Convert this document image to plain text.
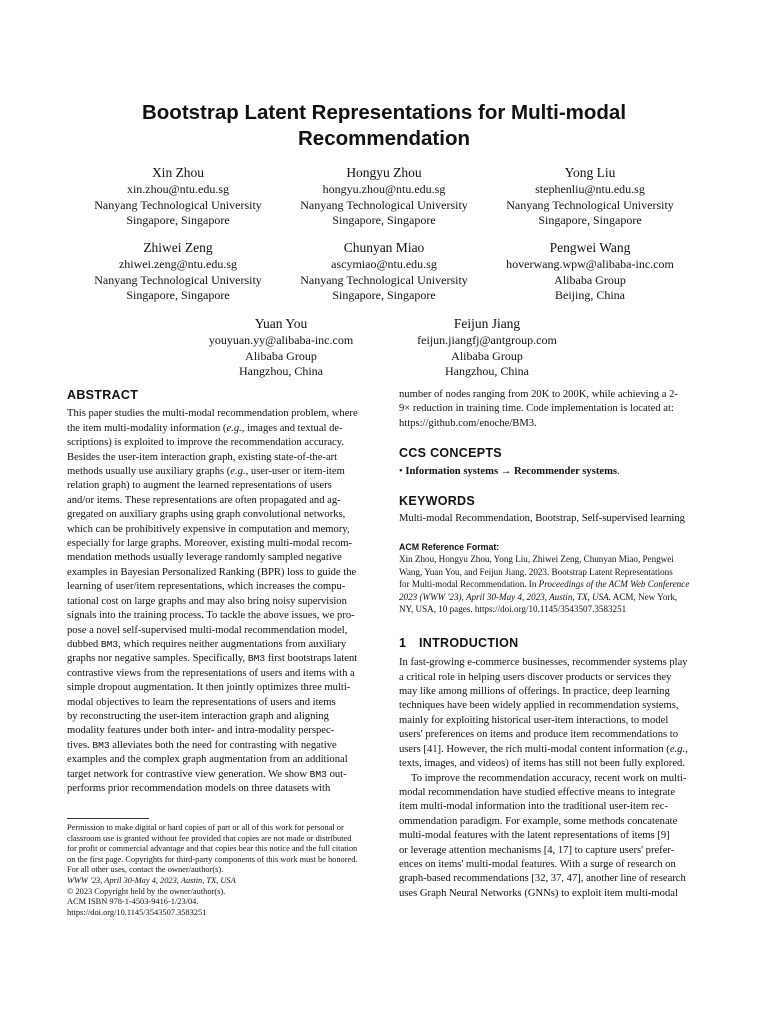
Bootstrap Latent Representations for Multi-modal
Recommendation
Xin Zhou
xin.zhou@ntu.edu.sg
Nanyang Technological University
Singapore, Singapore
Hongyu Zhou
hongyu.zhou@ntu.edu.sg
Nanyang Technological University
Singapore, Singapore
Yong Liu
stephenliu@ntu.edu.sg
Nanyang Technological University
Singapore, Singapore
Zhiwei Zeng
zhiwei.zeng@ntu.edu.sg
Nanyang Technological University
Singapore, Singapore
Chunyan Miao
ascymiao@ntu.edu.sg
Nanyang Technological University
Singapore, Singapore
Pengwei Wang
hoverwang.wpw@alibaba-inc.com
Alibaba Group
Beijing, China
Yuan You
youyuan.yy@alibaba-inc.com
Alibaba Group
Hangzhou, China
Feijun Jiang
feijun.jiangfj@antgroup.com
Alibaba Group
Hangzhou, China

ABSTRACT

This paper studies the multi-modal recommendation problem, where

the item multi-modality information (e.g., images and textual de-

scriptions) is exploited to improve the recommendation accuracy.

Besides the user-item interaction graph, existing state-of-the-art

methods usually use auxiliary graphs (e.g., user-user or item-item

relation graph) to augment the learned representations of users

and/or items. These representations are often propagated and ag-

gregated on auxiliary graphs using graph convolutional networks,

which can be prohibitively expensive in computation and memory,

especially for large graphs. Moreover, existing multi-modal recom-

mendation methods usually leverage randomly sampled negative

examples in Bayesian Personalized Ranking (BPR) loss to guide the

learning of user/item representations, which increases the compu-

tational cost on large graphs and may also bring noisy supervision

signals into the training process. To tackle the above issues, we pro-

pose a novel self-supervised multi-modal recommendation model,

dubbed BM3, which requires neither augmentations from auxiliary

graphs nor negative samples. Specifically, BM3 first bootstraps latent

contrastive views from the representations of users and items with a

simple dropout augmentation. It then jointly optimizes three multi-

modal objectives to learn the representations of users and items

by reconstructing the user-item interaction graph and aligning

modality features under both inter- and intra-modality perspec-

tives. BM3 alleviates both the need for contrasting with negative

examples and the complex graph augmentation from an additional

target network for contrastive view generation. We show BM3 out-

performs prior recommendation models on three datasets with

Permission to make digital or hard copies of part or all of this work for personal or

classroom use is granted without fee provided that copies are not made or distributed

for profit or commercial advantage and that copies bear this notice and the full citation

on the first page. Copyrights for third-party components of this work must be honored.

For all other uses, contact the owner/author(s).

WWW '23, April 30-May 4, 2023, Austin, TX, USA

© 2023 Copyright held by the owner/author(s).

ACM ISBN 978-1-4503-9416-1/23/04.

https://doi.org/10.1145/3543507.3583251

number of nodes ranging from 20K to 200K, while achieving a 2-

9× reduction in training time. Code implementation is located at:

https://github.com/enoche/BM3.

CCS CONCEPTS

• Information systems → Recommender systems.

KEYWORDS

Multi-modal Recommendation, Bootstrap, Self-supervised learning

ACM Reference Format:

Xin Zhou, Hongyu Zhou, Yong Liu, Zhiwei Zeng, Chunyan Miao, Pengwei

Wang, Yuan You, and Feijun Jiang. 2023. Bootstrap Latent Representations

for Multi-modal Recommendation. In Proceedings of the ACM Web Conference

2023 (WWW '23), April 30-May 4, 2023, Austin, TX, USA. ACM, New York,

NY, USA, 10 pages. https://doi.org/10.1145/3543507.3583251

1 INTRODUCTION

In fast-growing e-commerce businesses, recommender systems play

a critical role in helping users discover products or services they

may like among millions of offerings. In practice, deep learning

techniques have been widely applied in recommendation systems,

mainly for exploiting historical user-item interactions, to model

users' preferences on items and produce item recommendations to

users [41]. However, the rich multi-modal content information (e.g.,

texts, images, and videos) of items has still not been fully explored.

To improve the recommendation accuracy, recent work on multi-

modal recommendation have studied effective means to integrate

item multi-modal information into the traditional user-item rec-

ommendation paradigm. For example, some methods concatenate

multi-modal features with the latent representations of items [9]

or leverage attention mechanisms [4, 17] to capture users' prefer-

ences on items' multi-modal features. With a surge of research on

graph-based recommendations [32, 37, 47], another line of research

uses Graph Neural Networks (GNNs) to exploit item multi-modal
